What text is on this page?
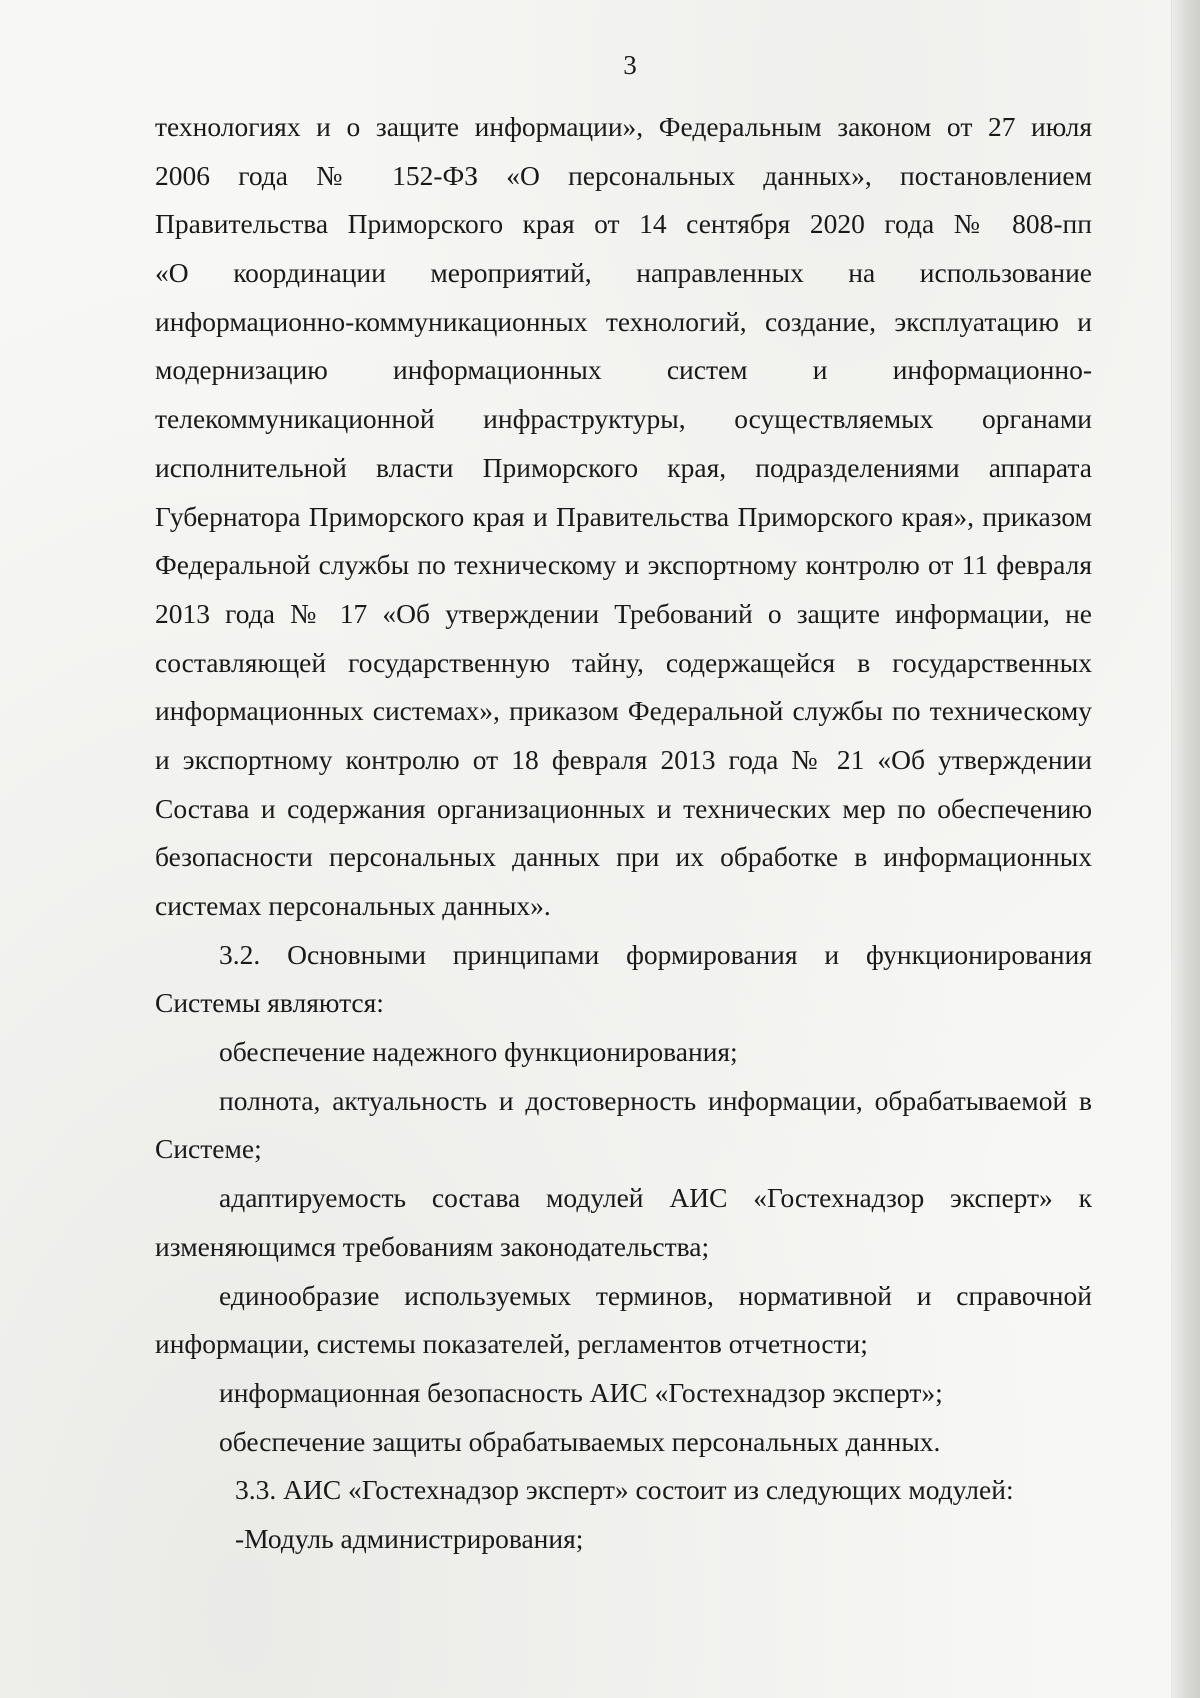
3
технологиях и о защите информации», Федеральным законом от 27 июля
2006 года № 152-ФЗ «О персональных данных», постановлением
Правительства Приморского края от 14 сентября 2020 года № 808-пп
«О координации мероприятий, направленных на использование
информационно-коммуникационных технологий, создание, эксплуатацию и
модернизацию информационных систем и информационно-
телекоммуникационной инфраструктуры, осуществляемых органами
исполнительной власти Приморского края, подразделениями аппарата
Губернатора Приморского края и Правительства Приморского края», приказом
Федеральной службы по техническому и экспортному контролю от 11 февраля
2013 года № 17 «Об утверждении Требований о защите информации, не
составляющей государственную тайну, содержащейся в государственных
информационных системах», приказом Федеральной службы по техническому
и экспортному контролю от 18 февраля 2013 года № 21 «Об утверждении
Состава и содержания организационных и технических мер по обеспечению
безопасности персональных данных при их обработке в информационных
системах персональных данных».
3.2. Основными принципами формирования и функционирования
Системы являются:
обеспечение надежного функционирования;
полнота, актуальность и достоверность информации, обрабатываемой в
Системе;
адаптируемость состава модулей АИС «Гостехнадзор эксперт» к
изменяющимся требованиям законодательства;
единообразие используемых терминов, нормативной и справочной
информации, системы показателей, регламентов отчетности;
информационная безопасность АИС «Гостехнадзор эксперт»;
обеспечение защиты обрабатываемых персональных данных.
3.3. АИС «Гостехнадзор эксперт» состоит из следующих модулей:
-Модуль администрирования;
